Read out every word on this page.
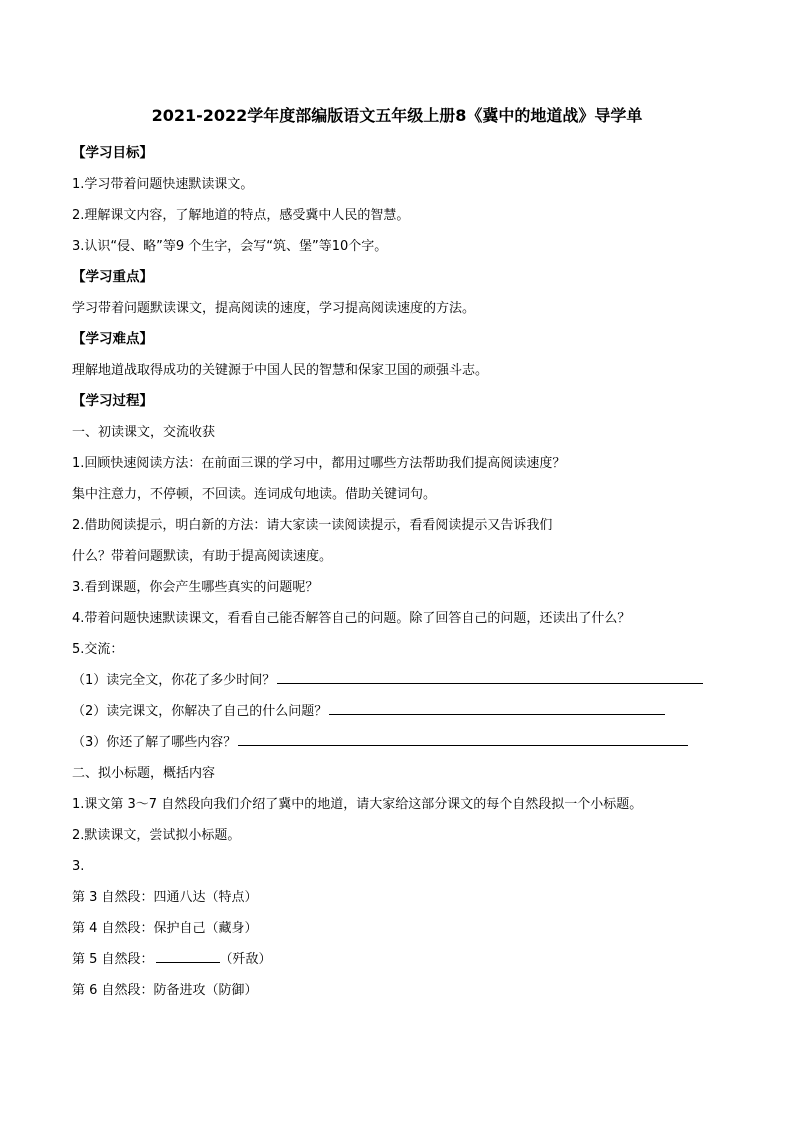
2021-2022学年度部编版语文五年级上册8《冀中的地道战》导学单
【学习目标】
1.学习带着问题快速默读课文。
2.理解课文内容，了解地道的特点，感受冀中人民的智慧。
3.认识“侵、略”等9 个生字，会写“筑、堡”等10个字。
【学习重点】
学习带着问题默读课文，提高阅读的速度，学习提高阅读速度的方法。
【学习难点】
理解地道战取得成功的关键源于中国人民的智慧和保家卫国的顽强斗志。
【学习过程】
一、初读课文，交流收获
1.回顾快速阅读方法：在前面三课的学习中，都用过哪些方法帮助我们提高阅读速度？
集中注意力，不停顿，不回读。连词成句地读。借助关键词句。
2.借助阅读提示，明白新的方法：请大家读一读阅读提示，看看阅读提示又告诉我们
什么？带着问题默读，有助于提高阅读速度。
3.看到课题，你会产生哪些真实的问题呢？
4.带着问题快速默读课文，看看自己能否解答自己的问题。除了回答自己的问题，还读出了什么？
5.交流：
（1）读完全文，你花了多少时间？
（2）读完课文，你解决了自己的什么问题？
（3）你还了解了哪些内容？
二、拟小标题，概括内容
1.课文第 3～7 自然段向我们介绍了冀中的地道，请大家给这部分课文的每个自然段拟一个小标题。
2.默读课文，尝试拟小标题。
3.
第 3 自然段：四通八达（特点）
第 4 自然段：保护自己（藏身）
第 5 自然段：	（歼敌）
第 6 自然段：防备进攻（防御）
